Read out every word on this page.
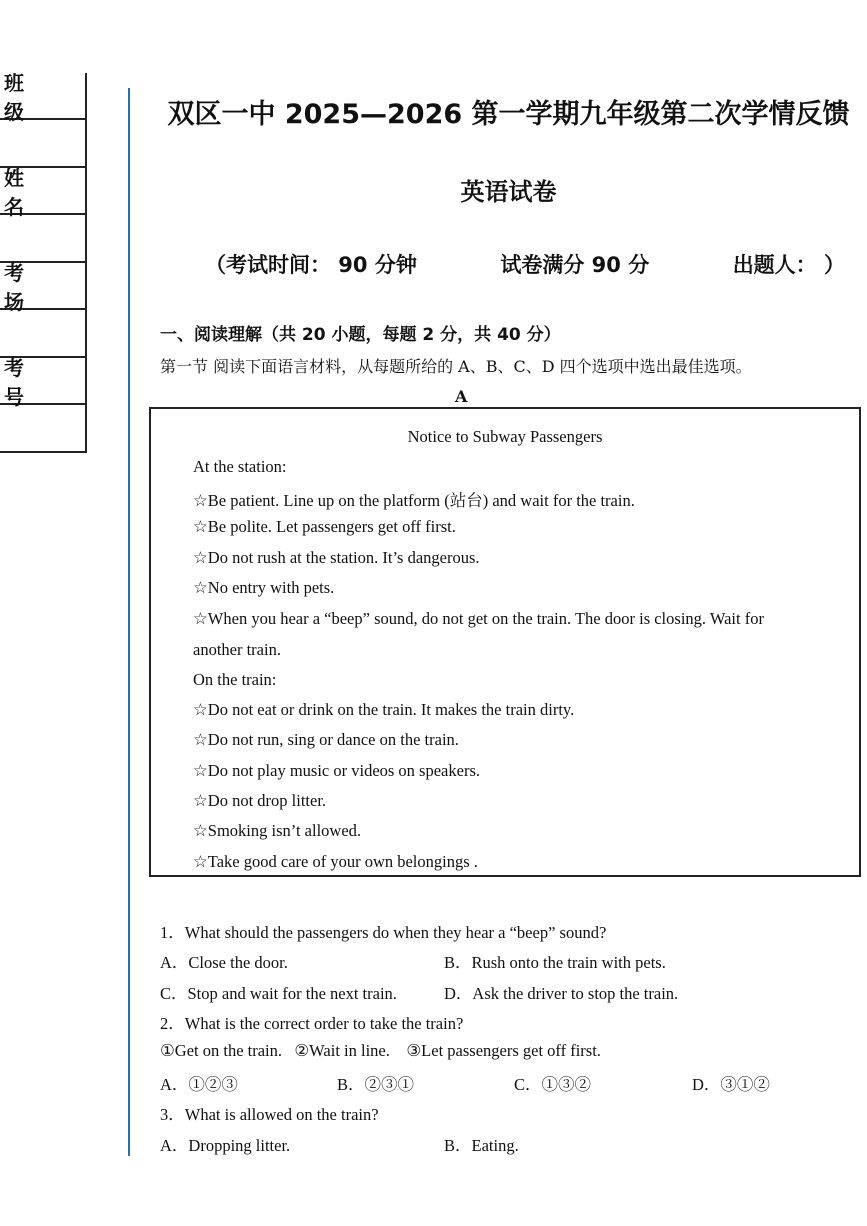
班 级
姓 名
考 场
考 号
双区一中 2025—2026 第一学期九年级第二次学情反馈
英语试卷
（考试时间： 90 分钟	试卷满分 90 分	出题人： ）
一、阅读理解（共 20 小题，每题 2 分，共 40 分）
第一节 阅读下面语言材料，从每题所给的 A、B、C、D 四个选项中选出最佳选项。
A
Notice to Subway Passengers
At the station:
☆Be patient. Line up on the platform (站台) and wait for the train.
☆Be polite. Let passengers get off first.
☆Do not rush at the station. It’s dangerous.
☆No entry with pets.
☆When you hear a “beep” sound, do not get on the train. The door is closing. Wait for
another train.
On the train:
☆Do not eat or drink on the train. It makes the train dirty.
☆Do not run, sing or dance on the train.
☆Do not play music or videos on speakers.
☆Do not drop litter.
☆Smoking isn’t allowed.
☆Take good care of your own belongings .
1．What should the passengers do when they hear a “beep” sound?
A．Close the door.	B．Rush onto the train with pets.
C．Stop and wait for the next train.	D．Ask the driver to stop the train.
2．What is the correct order to take the train?
①Get on the train.   ②Wait in line.    ③Let passengers get off first.
A．①②③	B．②③①	C．①③②	D．③①②
3．What is allowed on the train?
A．Dropping litter.	B．Eating.
